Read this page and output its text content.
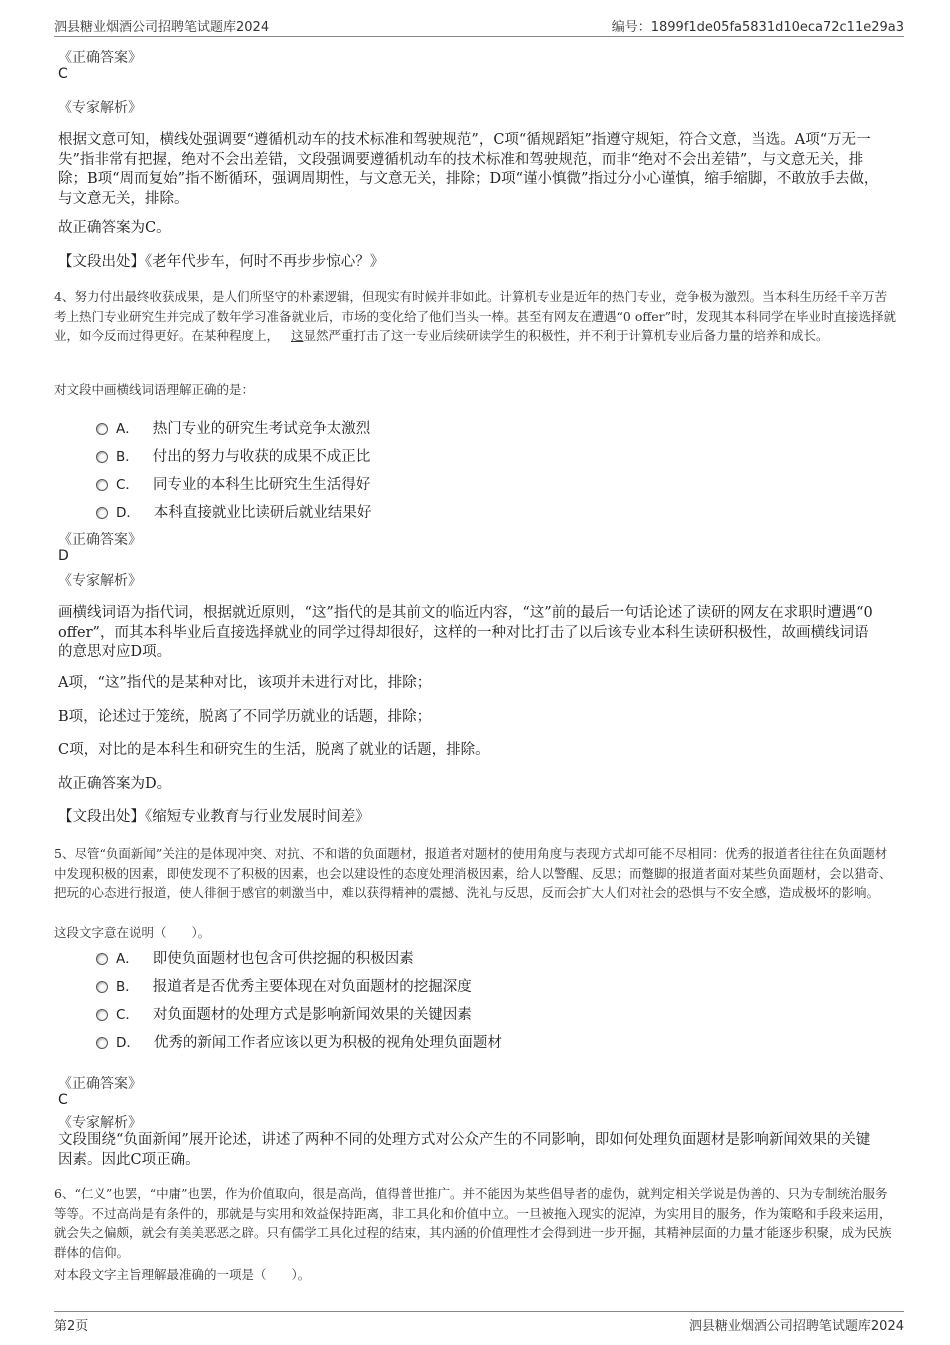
泗县糖业烟酒公司招聘笔试题库2024	编号：1899f1de05fa5831d10eca72c11e29a3
《正确答案》
C
《专家解析》
根据文意可知，横线处强调要“遵循机动车的技术标准和驾驶规范”，C项“循规蹈矩”指遵守规矩，符合文意，当选。A项“万无一失”指非常有把握，绝对不会出差错，文段强调要遵循机动车的技术标准和驾驶规范，而非“绝对不会出差错”，与文意无关，排除；B项“周而复始”指不断循环，强调周期性，与文意无关，排除；D项“谨小慎微”指过分小心谨慎，缩手缩脚，不敢放手去做，与文意无关，排除。
故正确答案为C。
【文段出处】《老年代步车，何时不再步步惊心？》
4、努力付出最终收获成果，是人们所坚守的朴素逻辑，但现实有时候并非如此。计算机专业是近年的热门专业，竞争极为激烈。当本科生历经千辛万苦考上热门专业研究生并完成了数年学习准备就业后，市场的变化给了他们当头一棒。甚至有网友在遭遇“0 offer”时，发现其本科同学在毕业时直接选择就业，如今反而过得更好。在某种程度上， 这显然严重打击了这一专业后续研读学生的积极性，并不利于计算机专业后备力量的培养和成长。
对文段中画横线词语理解正确的是：
A． 热门专业的研究生考试竞争太激烈
B． 付出的努力与收获的成果不成正比
C． 同专业的本科生比研究生生活得好
D． 本科直接就业比读研后就业结果好
《正确答案》
D
《专家解析》
画横线词语为指代词，根据就近原则，“这”指代的是其前文的临近内容，“这”前的最后一句话论述了读研的网友在求职时遭遇“0 offer”，而其本科毕业后直接选择就业的同学过得却很好，这样的一种对比打击了以后该专业本科生读研积极性，故画横线词语的意思对应D项。
A项，“这”指代的是某种对比，该项并未进行对比，排除；
B项，论述过于笼统，脱离了不同学历就业的话题，排除；
C项，对比的是本科生和研究生的生活，脱离了就业的话题，排除。
故正确答案为D。
【文段出处】《缩短专业教育与行业发展时间差》
5、尽管“负面新闻”关注的是体现冲突、对抗、不和谐的负面题材，报道者对题材的使用角度与表现方式却可能不尽相同：优秀的报道者往往在负面题材中发现积极的因素，即使发现不了积极的因素，也会以建设性的态度处理消极因素，给人以警醒、反思；而蹩脚的报道者面对某些负面题材，会以猎奇、把玩的心态进行报道，使人徘徊于感官的刺激当中，难以获得精神的震撼、洗礼与反思，反而会扩大人们对社会的恐惧与不安全感，造成极坏的影响。
这段文字意在说明（　　）。
A． 即使负面题材也包含可供挖掘的积极因素
B． 报道者是否优秀主要体现在对负面题材的挖掘深度
C． 对负面题材的处理方式是影响新闻效果的关键因素
D． 优秀的新闻工作者应该以更为积极的视角处理负面题材
《正确答案》
C
《专家解析》
文段围绕“负面新闻”展开论述，讲述了两种不同的处理方式对公众产生的不同影响，即如何处理负面题材是影响新闻效果的关键因素。因此C项正确。
6、“仁义”也罢，“中庸”也罢，作为价值取向，很是高尚，值得普世推广。并不能因为某些倡导者的虚伪，就判定相关学说是伪善的、只为专制统治服务等等。不过高尚是有条件的，那就是与实用和效益保持距离，非工具化和价值中立。一旦被拖入现实的泥淖，为实用目的服务，作为策略和手段来运用，就会失之偏颇，就会有美美恶恶之辟。只有儒学工具化过程的结束，其内涵的价值理性才会得到进一步开掘，其精神层面的力量才能逐步积聚，成为民族群体的信仰。
对本段文字主旨理解最准确的一项是（　　）。
第2页	泗县糖业烟酒公司招聘笔试题库2024
